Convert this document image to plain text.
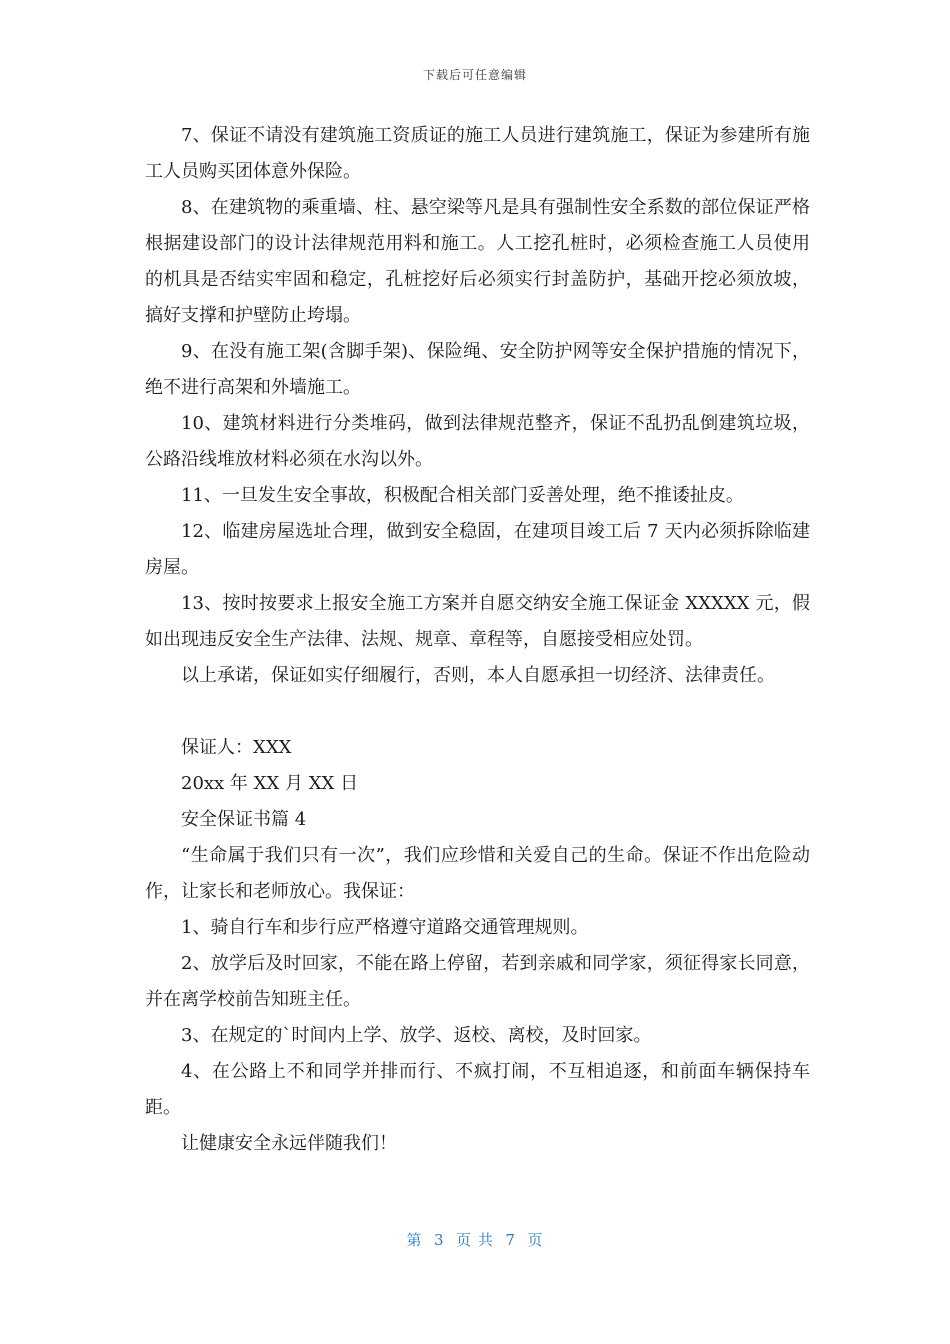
下载后可任意编辑

7、保证不请没有建筑施工资质证的施工人员进行建筑施工，保证为参建所有施工人员购买团体意外保险。

8、在建筑物的乘重墙、柱、悬空梁等凡是具有强制性安全系数的部位保证严格根据建设部门的设计法律规范用料和施工。人工挖孔桩时，必须检查施工人员使用的机具是否结实牢固和稳定，孔桩挖好后必须实行封盖防护，基础开挖必须放坡，搞好支撑和护壁防止垮塌。

9、在没有施工架(含脚手架)、保险绳、安全防护网等安全保护措施的情况下，绝不进行高架和外墙施工。

10、建筑材料进行分类堆码，做到法律规范整齐，保证不乱扔乱倒建筑垃圾，公路沿线堆放材料必须在水沟以外。

11、一旦发生安全事故，积极配合相关部门妥善处理，绝不推诿扯皮。

12、临建房屋选址合理，做到安全稳固，在建项目竣工后 7 天内必须拆除临建房屋。

13、按时按要求上报安全施工方案并自愿交纳安全施工保证金 XXXXX 元，假如出现违反安全生产法律、法规、规章、章程等，自愿接受相应处罚。

以上承诺，保证如实仔细履行，否则，本人自愿承担一切经济、法律责任。

保证人：XXX

20xx 年 XX 月 XX 日

安全保证书篇 4

“生命属于我们只有一次”，我们应珍惜和关爱自己的生命。保证不作出危险动作，让家长和老师放心。我保证：

1、骑自行车和步行应严格遵守道路交通管理规则。

2、放学后及时回家，不能在路上停留，若到亲戚和同学家，须征得家长同意，并在离学校前告知班主任。

3、在规定的`时间内上学、放学、返校、离校，及时回家。

4、在公路上不和同学并排而行、不疯打闹，不互相追逐，和前面车辆保持车距。

让健康安全永远伴随我们！

第  3  页 共  7  页
